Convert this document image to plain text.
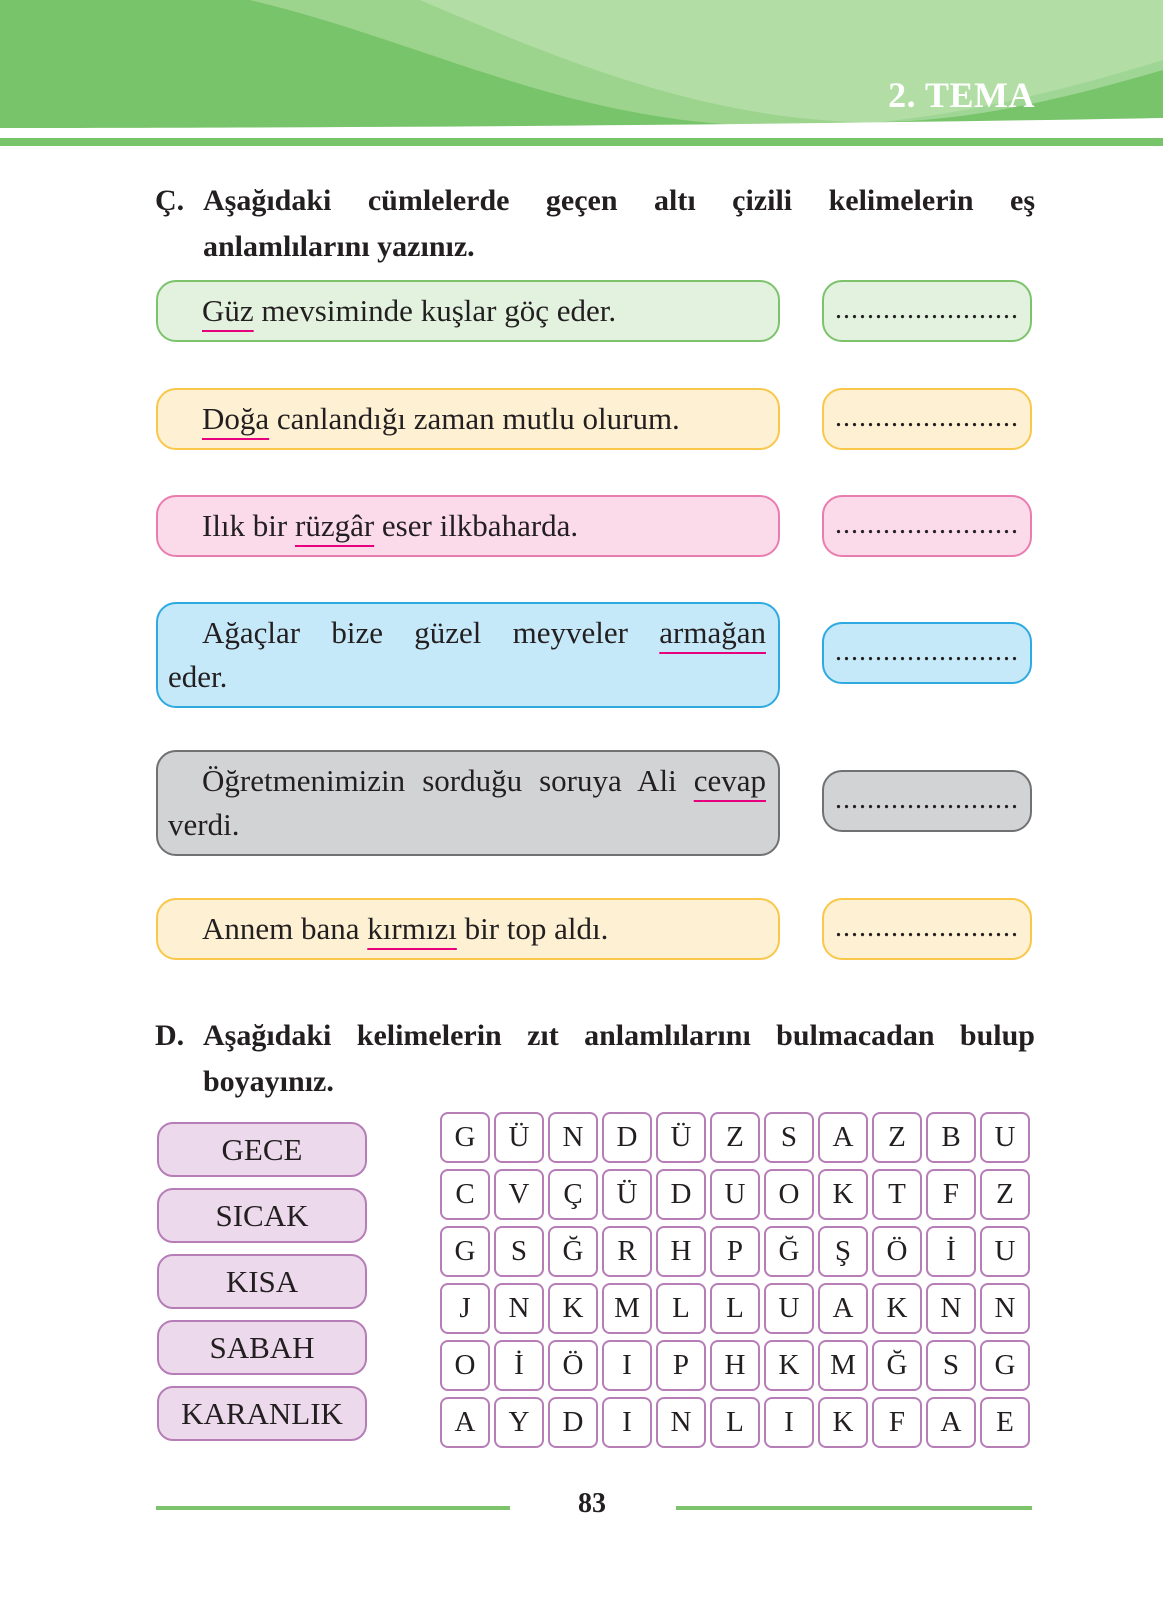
2. TEMA
Ç. Aşağıdaki cümlelerde geçen altı çizili kelimelerin eş anlamlılarını yazınız.
Güz mevsiminde kuşlar göç eder.	.......................
Doğa canlandığı zaman mutlu olurum.	.......................
Ilık bir rüzgâr eser ilkbaharda.	.......................
Ağaçlar bize güzel meyveler armağan
eder.
.......................
Öğretmenimizin sorduğu soruya Ali cevap
verdi.
.......................
Annem bana kırmızı bir top aldı.	.......................
D. Aşağıdaki kelimelerin zıt anlamlılarını bulmacadan bulup boyayınız.
GECE
SICAK
KISA
SABAH
KARANLIK
G	Ü	N	D	Ü	Z	S	A	Z	B	U
C	V	Ç	Ü	D	U	O	K	T	F	Z
G	S	Ğ	R	H	P	Ğ	Ş	Ö	İ	U
J	N	K	M	L	L	U	A	K	N	N
O	İ	Ö	I	P	H	K	M	Ğ	S	G
A	Y	D	I	N	L	I	K	F	A	E
83
